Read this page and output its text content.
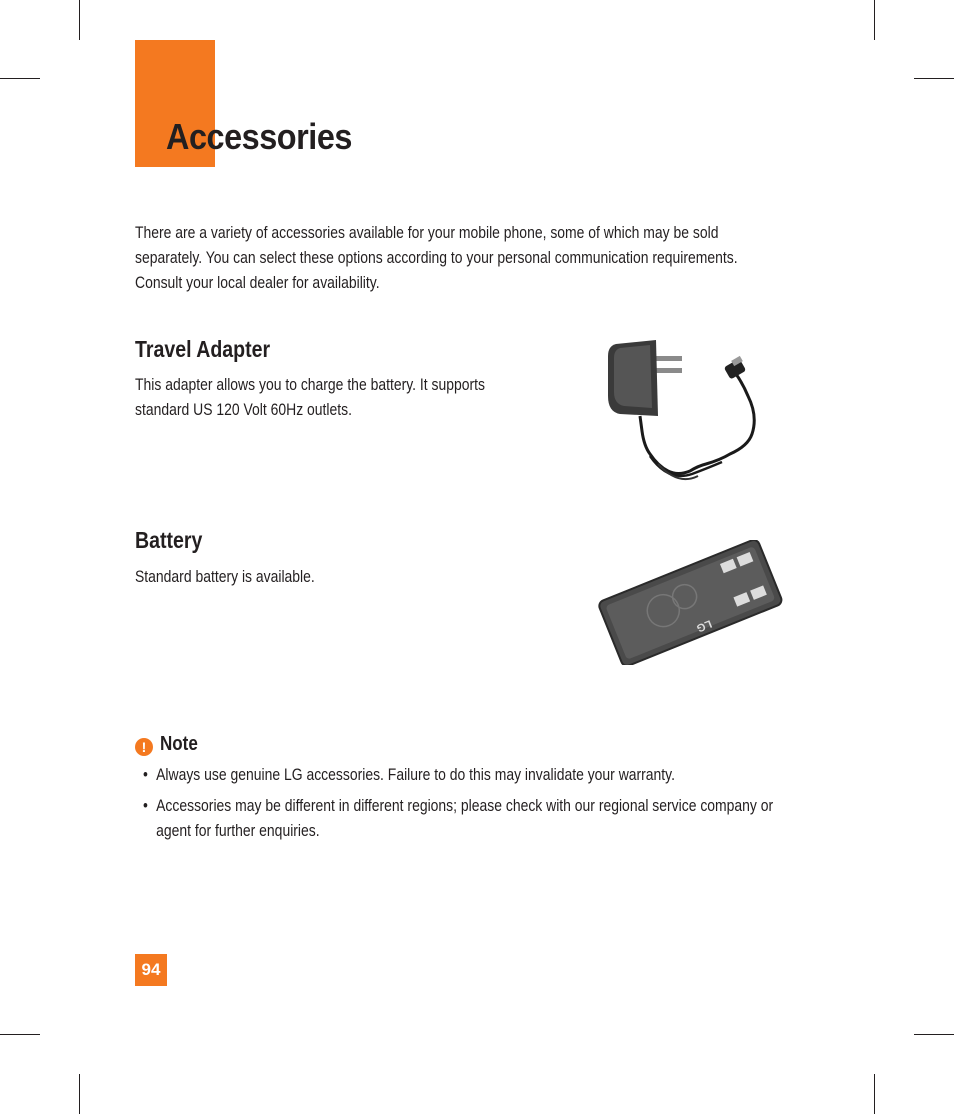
Accessories
There are a variety of accessories available for your mobile phone, some of which may be sold separately. You can select these options according to your personal communication requirements. Consult your local dealer for availability.
Travel Adapter
This adapter allows you to charge the battery. It supports standard US 120 Volt 60Hz outlets.
Battery
Standard battery is available.
LG
! Note
• Always use genuine LG accessories. Failure to do this may invalidate your warranty.
• Accessories may be different in different regions; please check with our regional service company or agent for further enquiries.
94
